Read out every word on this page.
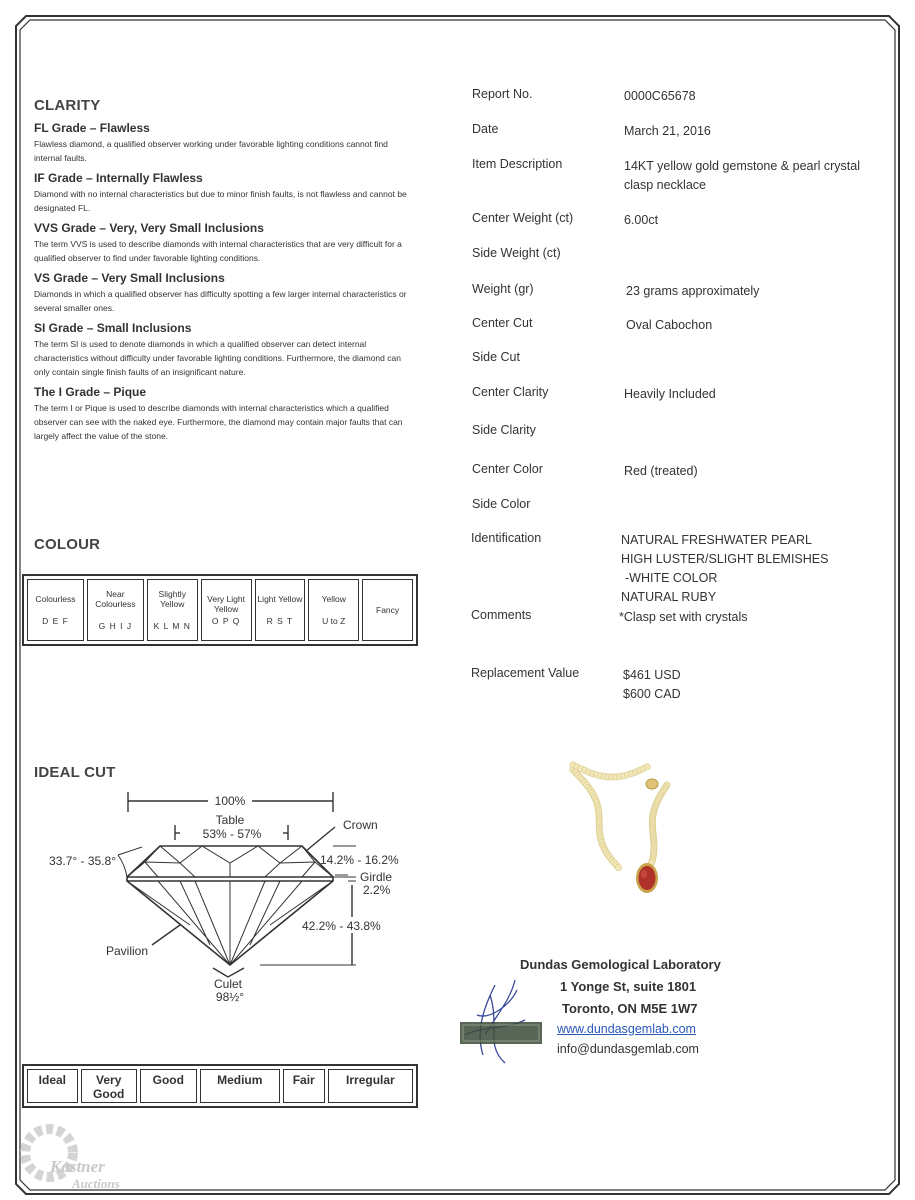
CLARITY
FL Grade – Flawless
Flawless diamond, a qualified observer working under favorable lighting conditions cannot find internal faults.
IF Grade – Internally Flawless
Diamond with no internal characteristics but due to minor finish faults, is not flawless and cannot be designated FL.
VVS Grade – Very, Very Small Inclusions
The term VVS is used to describe diamonds with internal characteristics that are very difficult for a qualified observer to find under favorable lighting conditions.
VS Grade – Very Small Inclusions
Diamonds in which a qualified observer has difficulty spotting a few larger internal characteristics or several smaller ones.
SI Grade – Small Inclusions
The term SI is used to denote diamonds in which a qualified observer can detect internal characteristics without difficulty under favorable lighting conditions. Furthermore, the diamond can only contain single finish faults of an insignificant nature.
The I Grade – Pique
The term I or Pique is used to describe diamonds with internal characteristics which a qualified observer can see with the naked eye. Furthermore, the diamond may contain major faults that can largely affect the value of the stone.
COLOUR
Colourless
D E F

Near Colourless
G H I J

Slightly Yellow
K L M N

Very Light Yellow
O P Q

Light Yellow
R S T

Yellow
U to Z

Fancy
IDEAL CUT
100%
Table
53% - 57%
Crown
33.7° - 35.8°	14.2% - 16.2%
Girdle
2.2%
42.2% - 43.8%
Pavilion
Culet
98½°
Ideal	Very Good	Good	Medium	Fair	Irregular
Report No.	0000C65678
Date	March 21, 2016
Item Description	14KT yellow gold gemstone & pearl crystal clasp necklace
Center Weight (ct)	6.00ct
Side Weight (ct)
Weight (gr)	23 grams approximately
Center Cut	Oval Cabochon
Side Cut
Center Clarity	Heavily Included
Side Clarity
Center Color	Red (treated)
Side Color
Identification	NATURAL FRESHWATER PEARL
HIGH LUSTER/SLIGHT BLEMISHES
-WHITE COLOR
NATURAL RUBY
Comments	*Clasp set with crystals
Replacement Value	$461 USD
$600 CAD
Dundas Gemological Laboratory
1 Yonge St, suite 1801
Toronto, ON M5E 1W7
www.dundasgemlab.com
info@dundasgemlab.com
Kastner
Auctions
